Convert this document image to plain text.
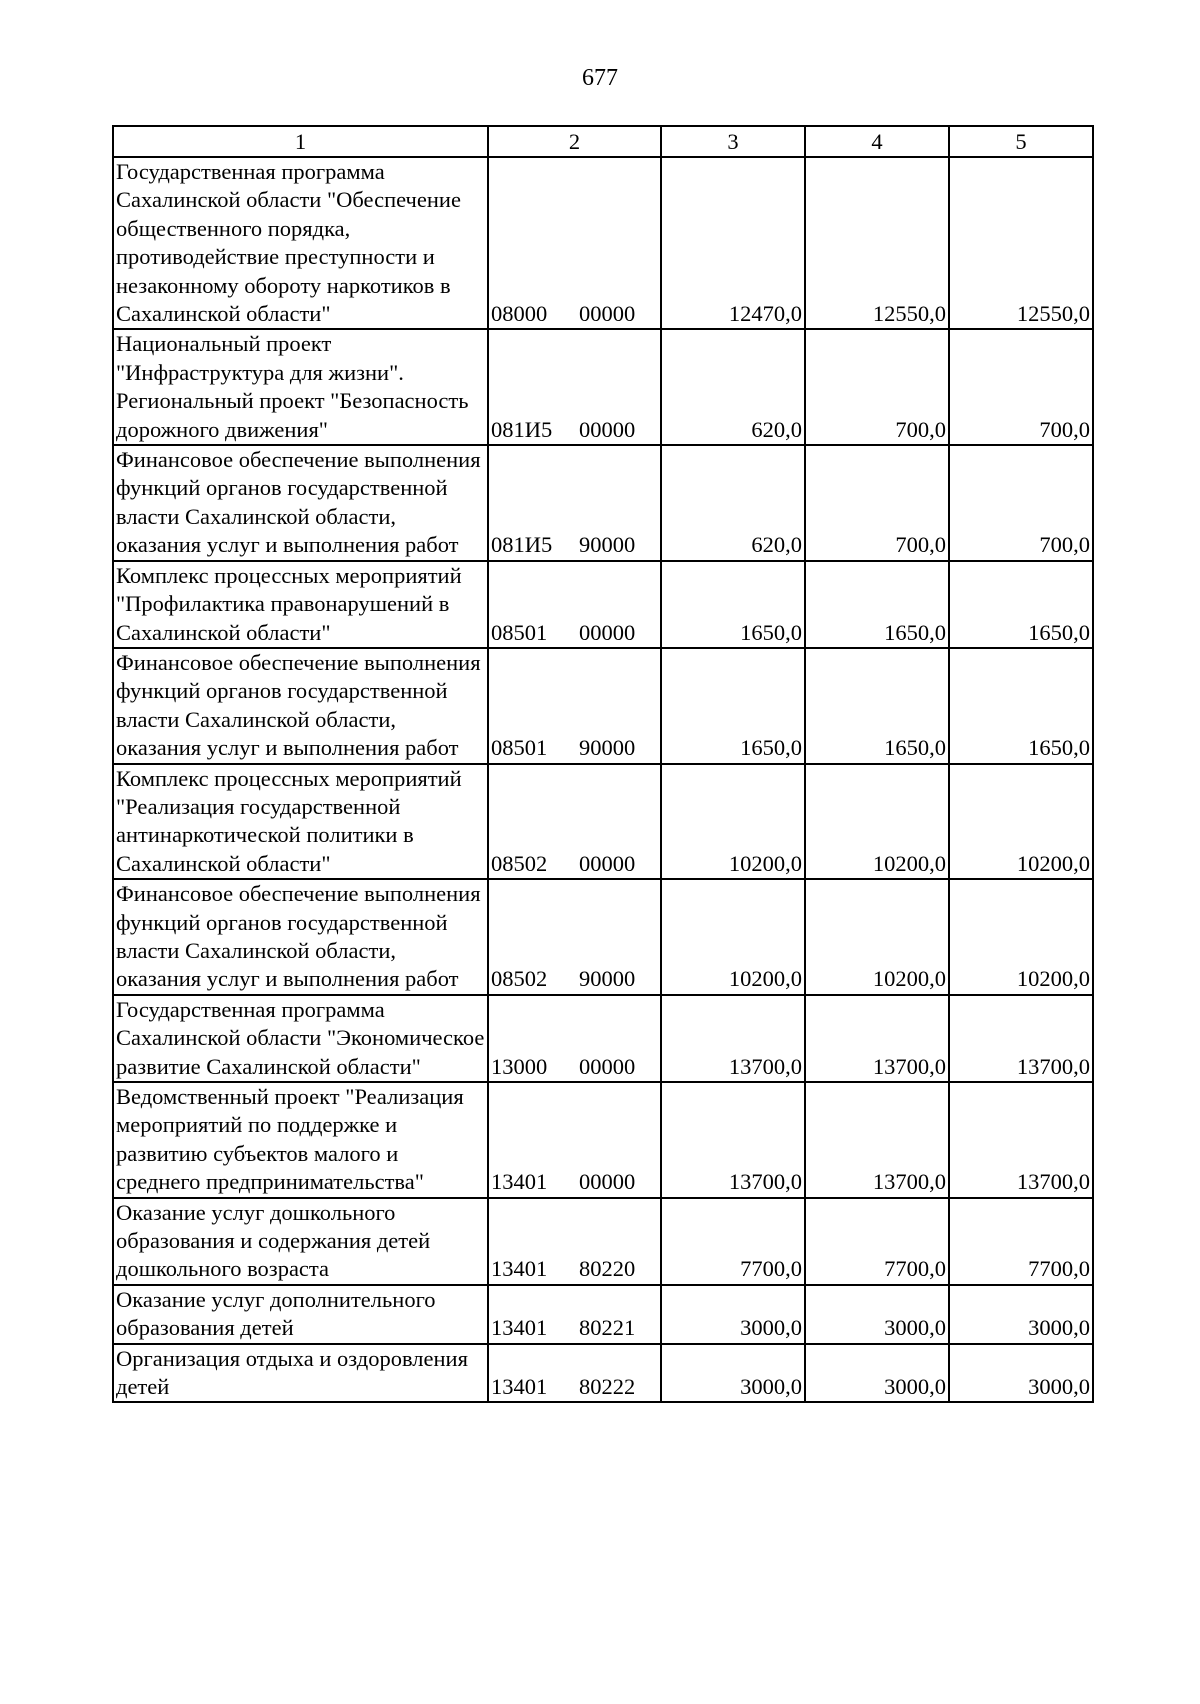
677
1	2	3	4	5
Государственная программа Сахалинской области "Обеспечение общественного порядка, противодействие преступности и незаконному обороту наркотиков в Сахалинской области"	08000 00000	12470,0	12550,0	12550,0
Национальный проект "Инфраструктура для жизни". Региональный проект "Безопасность дорожного движения"	081И5 00000	620,0	700,0	700,0
Финансовое обеспечение выполнения функций органов государственной власти Сахалинской области, оказания услуг и выполнения работ	081И5 90000	620,0	700,0	700,0
Комплекс процессных мероприятий "Профилактика правонарушений в Сахалинской области"	08501 00000	1650,0	1650,0	1650,0
Финансовое обеспечение выполнения функций органов государственной власти Сахалинской области, оказания услуг и выполнения работ	08501 90000	1650,0	1650,0	1650,0
Комплекс процессных мероприятий "Реализация государственной антинаркотической политики в Сахалинской области"	08502 00000	10200,0	10200,0	10200,0
Финансовое обеспечение выполнения функций органов государственной власти Сахалинской области, оказания услуг и выполнения работ	08502 90000	10200,0	10200,0	10200,0
Государственная программа Сахалинской области "Экономическое развитие Сахалинской области"	13000 00000	13700,0	13700,0	13700,0
Ведомственный проект "Реализация мероприятий по поддержке и развитию субъектов малого и среднего предпринимательства"	13401 00000	13700,0	13700,0	13700,0
Оказание услуг дошкольного образования и содержания детей дошкольного возраста	13401 80220	7700,0	7700,0	7700,0
Оказание услуг дополнительного образования детей	13401 80221	3000,0	3000,0	3000,0
Организация отдыха и оздоровления детей	13401 80222	3000,0	3000,0	3000,0
